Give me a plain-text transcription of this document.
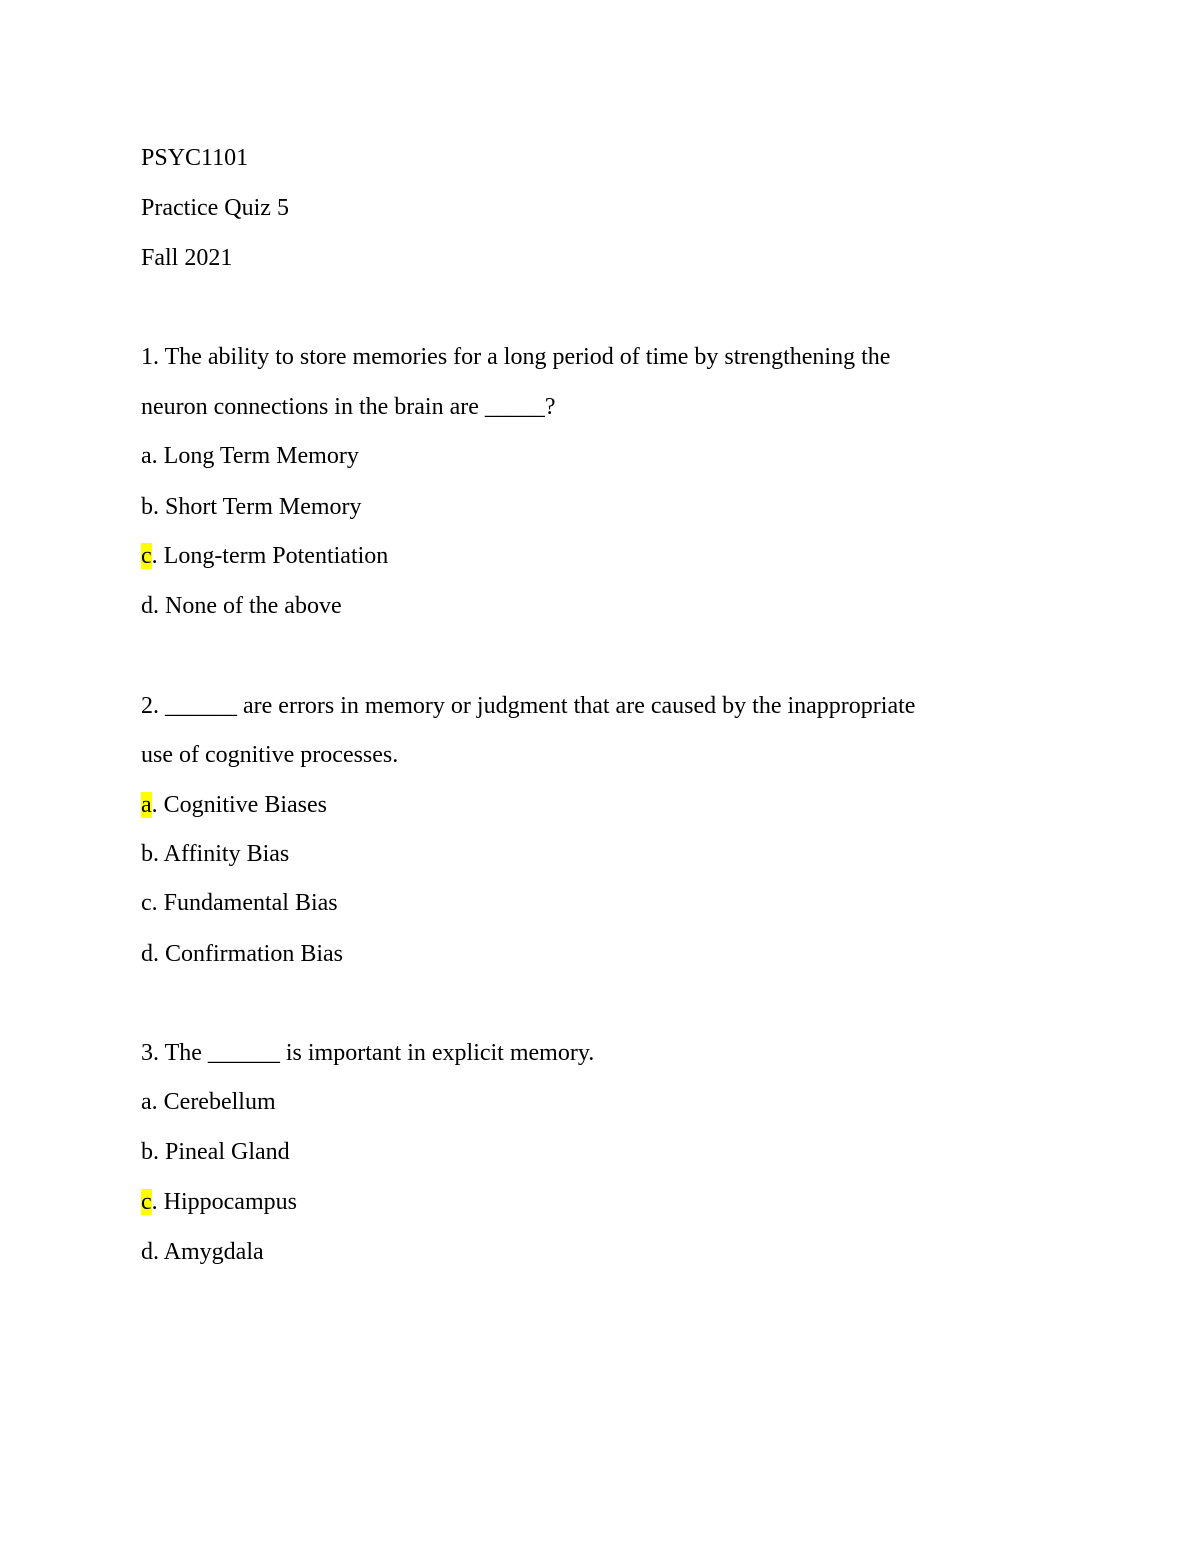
PSYC1101
Practice Quiz 5
Fall 2021
1. The ability to store memories for a long period of time by strengthening the
neuron connections in the brain are _____?
a. Long Term Memory
b. Short Term Memory
c. Long-term Potentiation
d. None of the above
2. ______ are errors in memory or judgment that are caused by the inappropriate
use of cognitive processes.
a. Cognitive Biases
b. Affinity Bias
c. Fundamental Bias
d. Confirmation Bias
3. The ______ is important in explicit memory.
a. Cerebellum
b. Pineal Gland
c. Hippocampus
d. Amygdala
